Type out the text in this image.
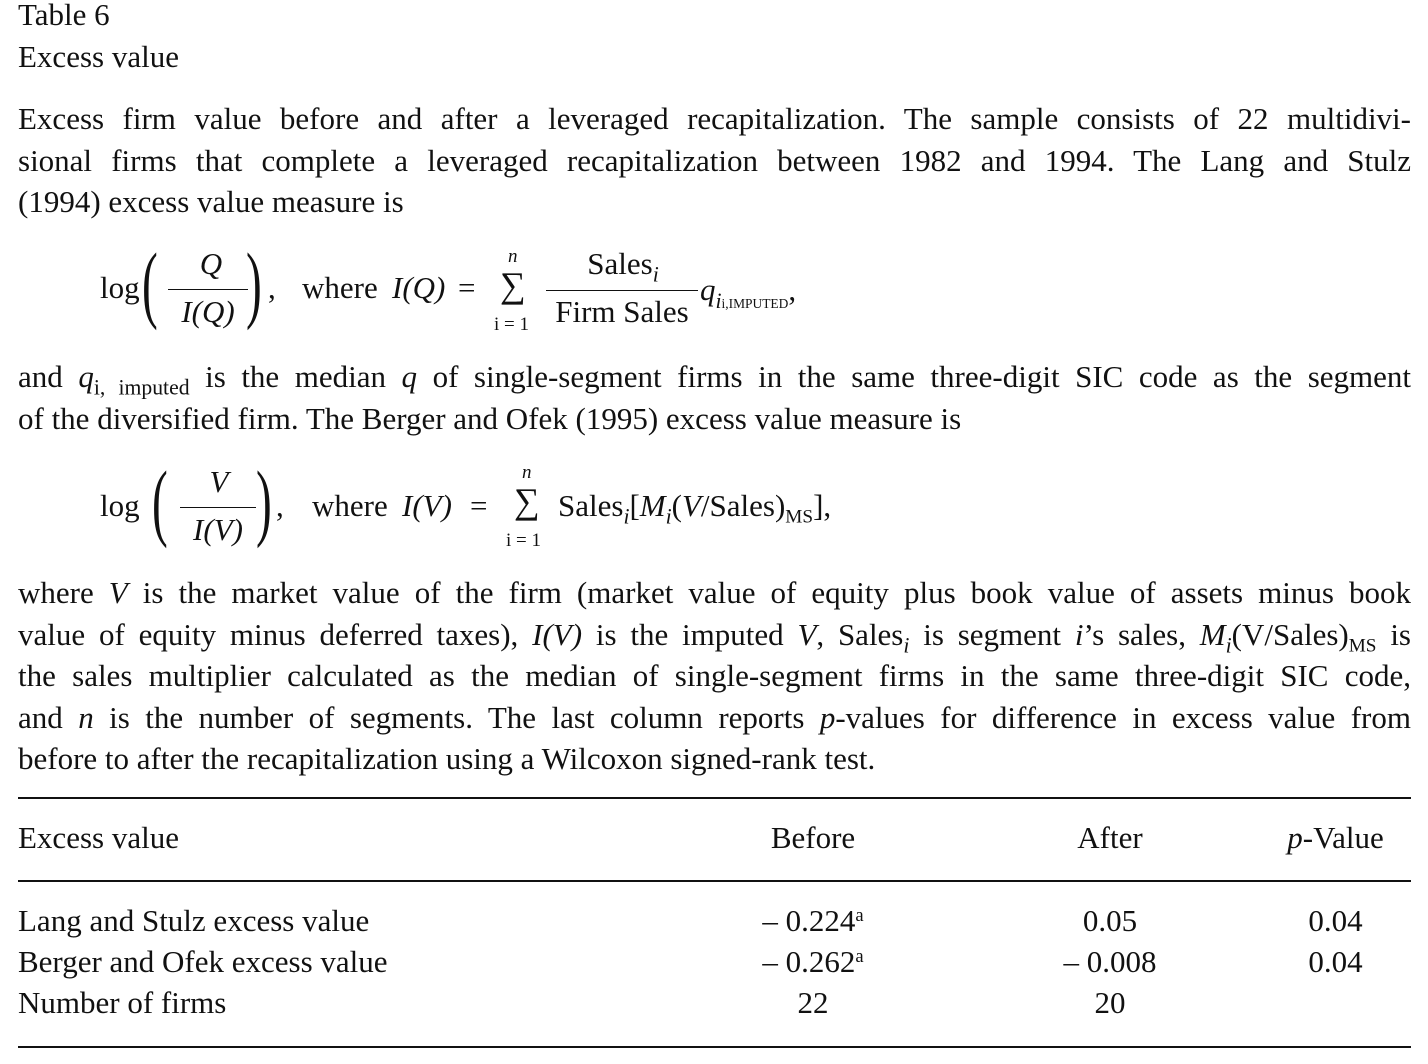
Table 6
Excess value
Excess firm value before and after a leveraged recapitalization. The sample consists of 22 multidivi-
sional firms that complete a leveraged recapitalization between 1982 and 1994. The Lang and Stulz
(1994) excess value measure is
log (	Q
I(Q) ) , where I(Q) =
n
∑
i = 1
Sales$_i$
Firm Sales
$q_{ii,IMPUTED}$,
and $q_{i, imputed}$ is the median q of single-segment firms in the same three-digit SIC code as the segment
of the diversified firm. The Berger and Ofek (1995) excess value measure is
log (	V
I(V) ) , where I(V) =
n
∑
i = 1
$Sales_i[M_i(V/Sales)_{MS}]$,
where V is the market value of the firm (market value of equity plus book value of assets minus book
value of equity minus deferred taxes), I(V) is the imputed V, Sales$_i$ is segment i’s sales, $M_i(V/Sales)_{MS}$ is
the sales multiplier calculated as the median of single-segment firms in the same three-digit SIC code,
and n is the number of segments. The last column reports p-values for difference in excess value from
before to after the recapitalization using a Wilcoxon signed-rank test.
Excess value	Before	After	p-Value
Lang and Stulz excess value	– 0.224$^a$	0.05	0.04
Berger and Ofek excess value	– 0.262$^a$	– 0.008	0.04
Number of firms	22	20
